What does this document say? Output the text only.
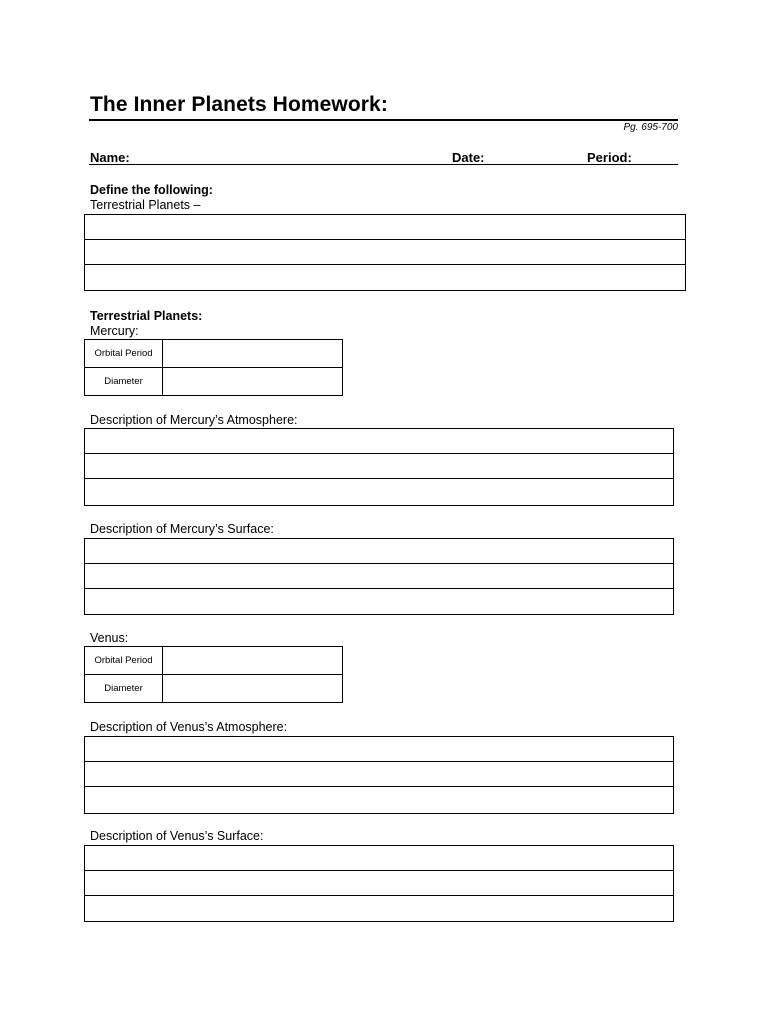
The Inner Planets Homework:
Pg. 695-700
Name:	Date:	Period:
Define the following:
Terrestrial Planets –
Terrestrial Planets:
Mercury:
Orbital Period	
Diameter	
Description of Mercury’s Atmosphere:
Description of Mercury’s Surface:
Venus:
Orbital Period	
Diameter	
Description of Venus’s Atmosphere:
Description of Venus’s Surface:
